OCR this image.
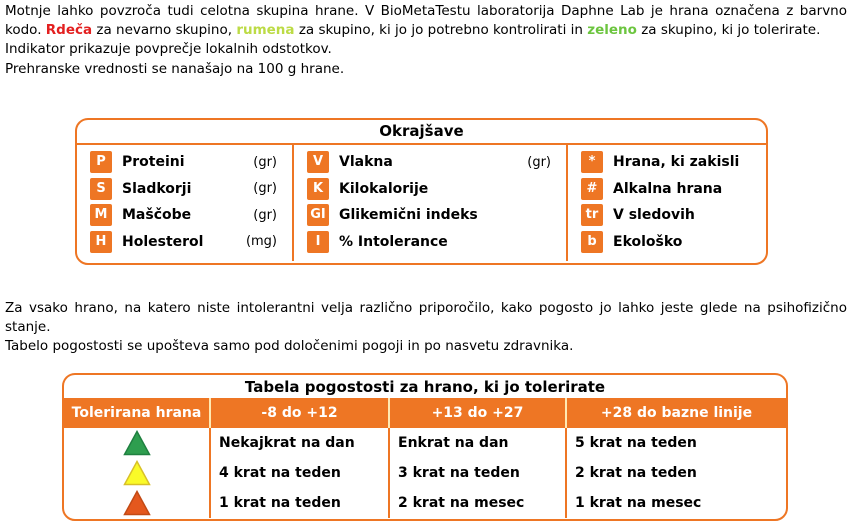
Motnje lahko povzroča tudi celotna skupina hrane. V BioMetaTestu laboratorija Daphne Lab je hrana označena z barvno kodo. Rdeča za nevarno skupino, rumena za skupino, ki jo jo potrebno kontrolirati in zeleno za skupino, ki jo tolerirate.

Indikator prikazuje povprečje lokalnih odstotkov.

Prehranske vrednosti se nanašajo na 100 g hrane.

Okrajšave
P	Proteini	(gr)
S	Sladkorji	(gr)
M	Maščobe	(gr)
H	Holesterol	(mg)
V	Vlakna	(gr)
K	Kilokalorije
GI Glikemični indeks
I	% Intolerance
*	Hrana, ki zakisli
#	Alkalna hrana
tr	V sledovih
b	Ekološko

Za vsako hrano, na katero niste intolerantni velja različno priporočilo, kako pogosto jo lahko jeste glede na psihofizično stanje.

Tabelo pogostosti se upošteva samo pod določenimi pogoji in po nasvetu zdravnika.

Tabela pogostosti za hrano, ki jo tolerirate
Tolerirana hrana	-8 do +12	+13 do +27	+28 do bazne linije
Nekajkrat na dan	Enkrat na dan	5 krat na teden
4 krat na teden	3 krat na teden	2 krat na teden
1 krat na teden	2 krat na mesec	1 krat na mesec
